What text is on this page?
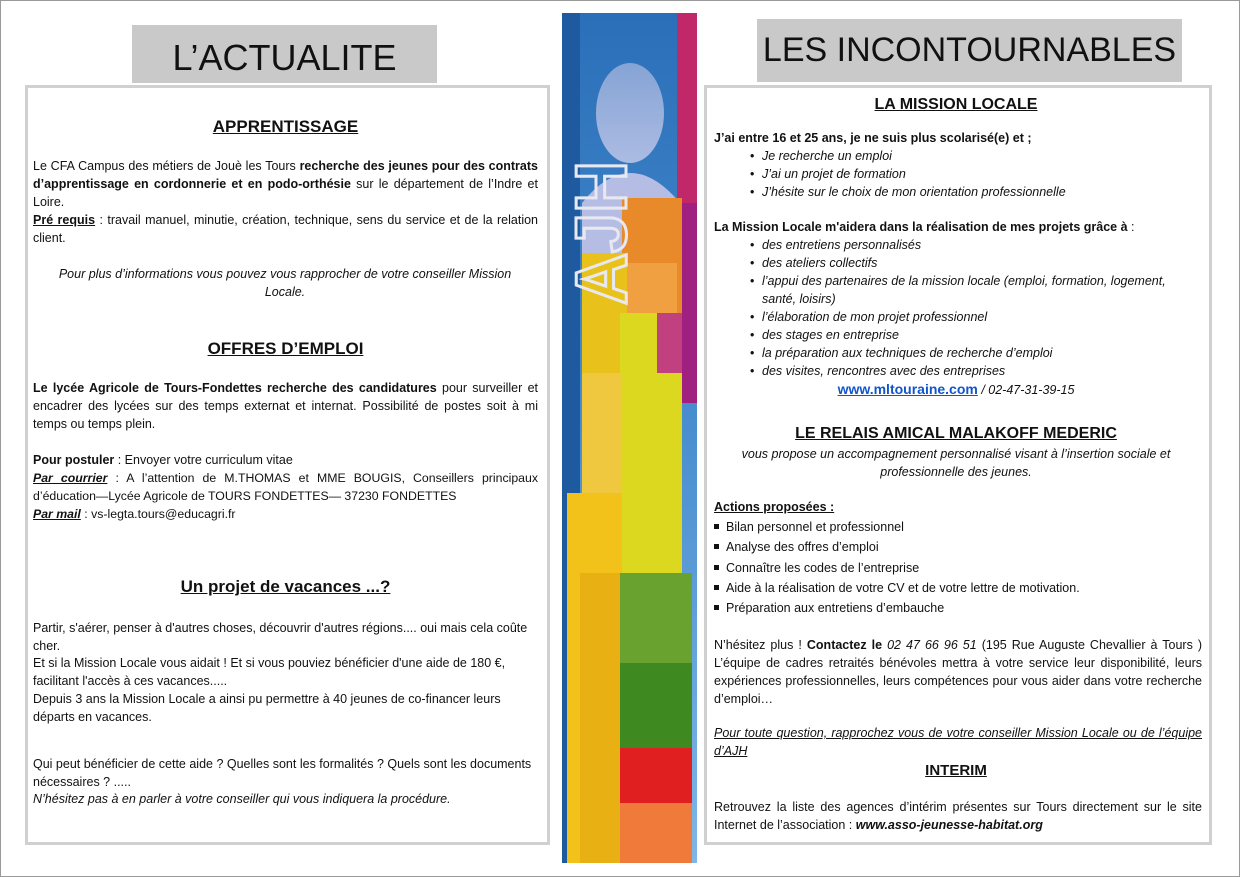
L’ACTUALITE
APPRENTISSAGE

Le CFA Campus des métiers de Jouè les Tours recherche des jeunes pour des contrats d’apprentissage en cordonnerie et en podo-orthésie sur le département de l’Indre et Loire.
Pré requis : travail manuel, minutie, création, technique, sens du service et de la relation client.

Pour plus d’informations vous pouvez vous rapprocher de votre conseiller Mission Locale.

OFFRES D’EMPLOI

Le lycée Agricole de Tours-Fondettes recherche des candidatures pour surveiller et encadrer des lycées sur des temps externat et internat. Possibilité de postes soit à mi temps ou temps plein.

Pour postuler : Envoyer votre curriculum vitae

Par courrier : A l’attention de M.THOMAS et MME BOUGIS, Conseillers principaux d’éducation—Lycée Agricole de TOURS FONDETTES— 37230 FONDETTES
Par mail : vs-legta.tours@educagri.fr

Un projet de vacances ...?

Partir, s'aérer, penser à d'autres choses, découvrir d'autres régions.... oui mais cela coûte cher.

Et si la Mission Locale vous aidait ! Et si vous pouviez bénéficier d'une aide de 180 €, facilitant l'accès à ces vacances.....

Depuis 3 ans la Mission Locale a ainsi pu permettre à 40 jeunes de co-financer leurs départs en vacances.

Qui peut bénéficier de cette aide ? Quelles sont les formalités ? Quels sont les documents nécessaires ? .....

N’hésitez pas à en parler à votre conseiller qui vous indiquera la procédure.

AJH
LES INCONTOURNABLES
LA MISSION LOCALE

J’ai entre 16 et 25 ans, je ne suis plus scolarisé(e) et ;

• Je recherche un emploi
• J’ai un projet de formation
• J’hésite sur le choix de mon orientation professionnelle

La Mission Locale m'aidera dans la réalisation de mes projets grâce à :

• des entretiens personnalisés
• des ateliers collectifs
• l’appui des partenaires de la mission locale (emploi, formation, logement, santé, loisirs)
• l’élaboration de mon projet professionnel
• des stages en entreprise
• la préparation aux techniques de recherche d’emploi
• des visites, rencontres avec des entreprises

www.mltouraine.com / 02-47-31-39-15

LE RELAIS AMICAL MALAKOFF MEDERIC

vous propose un accompagnement personnalisé visant à l’insertion sociale et professionnelle des jeunes.

Actions proposées :

Bilan personnel et professionnel
Analyse des offres d’emploi
Connaître les codes de l’entreprise
Aide à la réalisation de votre CV et de votre lettre de motivation.
Préparation aux entretiens d’embauche

N’hésitez plus ! Contactez le 02 47 66 96 51 (195 Rue Auguste Chevallier à Tours ) L’équipe de cadres retraités bénévoles mettra à votre service leur disponibilité, leurs expériences professionnelles, leurs compétences pour vous aider dans votre recherche d’emploi…

Pour toute question, rapprochez vous de votre conseiller Mission Locale ou de l’équipe d’AJH

INTERIM

Retrouvez la liste des agences d’intérim présentes sur Tours directement sur le site Internet de l’association : www.asso-jeunesse-habitat.org
